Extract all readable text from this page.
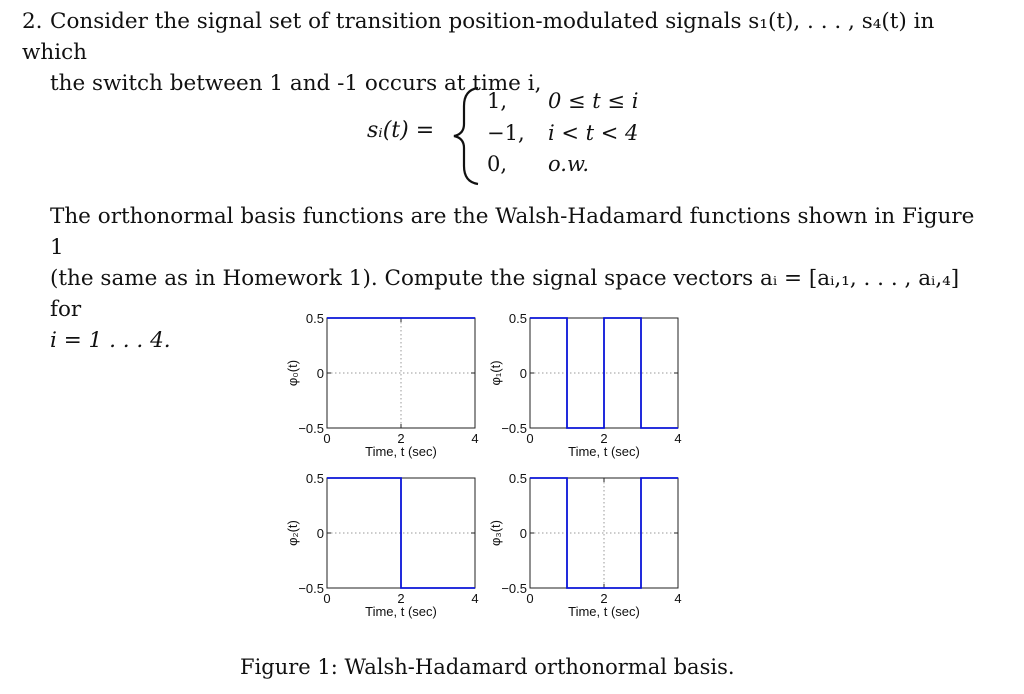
2. Consider the signal set of transition position-modulated signals s₁(t), . . . , s₄(t) in which
the switch between 1 and -1 occurs at time i,

sᵢ(t) =
1, 0 ≤ t ≤ i
−1, i < t < 4
0, o.w.

The orthonormal basis functions are the Walsh-Hadamard functions shown in Figure 1
(the same as in Homework 1). Compute the signal space vectors aᵢ = [aᵢ,₁, . . . , aᵢ,₄] for
i = 1 . . . 4.

0	2	4
0.5
0
−0.5
Time, t (sec)
φ₀(t)
0	2	4
0.5
0
−0.5
Time, t (sec)
φ₁(t)
0	2	4
0.5
0
−0.5
Time, t (sec)
φ₂(t)
0	2	4
0.5
0
−0.5
Time, t (sec)
φ₃(t)

Figure 1: Walsh-Hadamard orthonormal basis.
